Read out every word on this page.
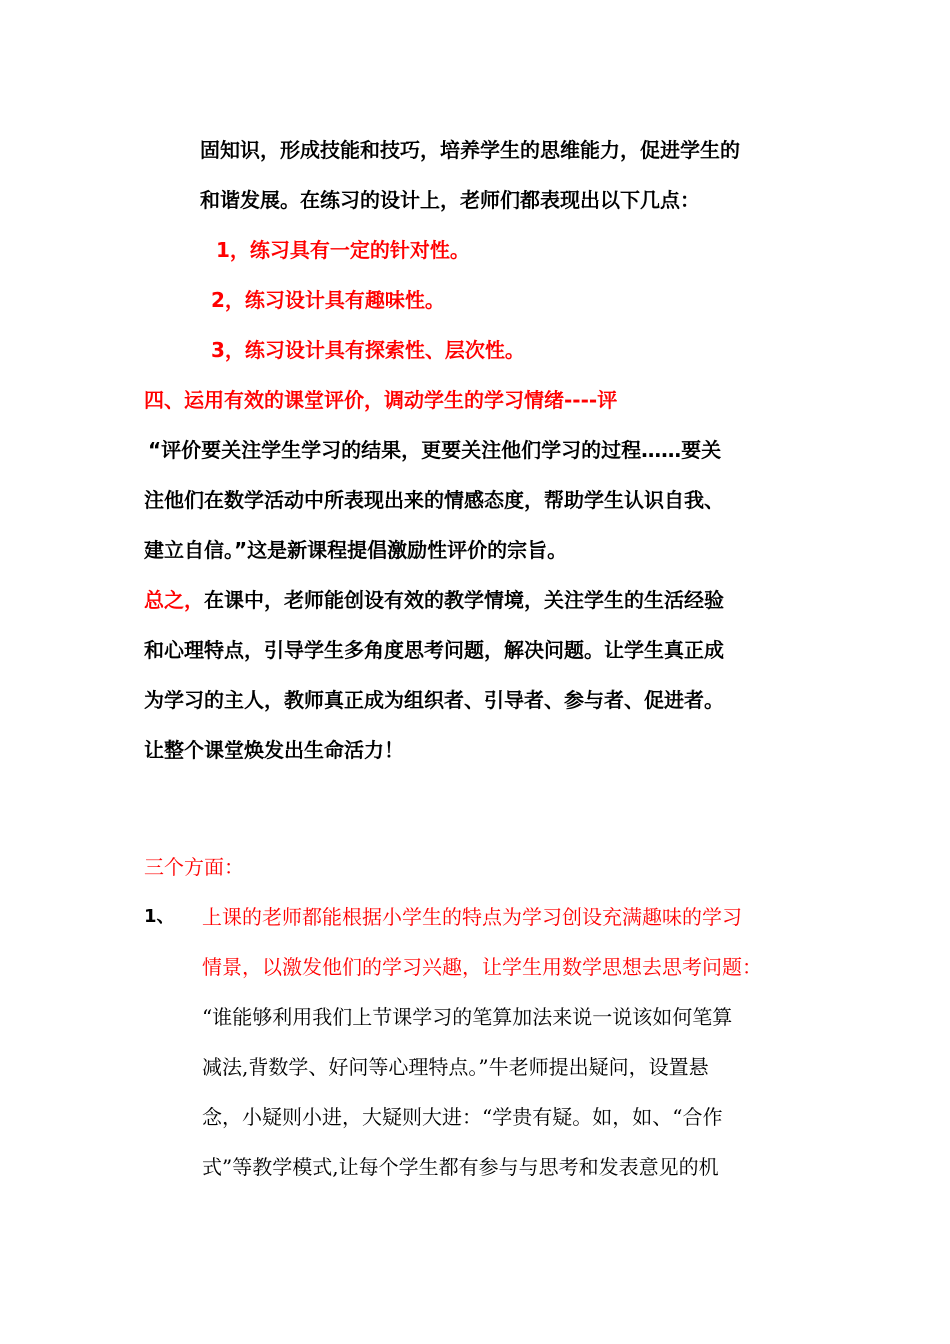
固知识，形成技能和技巧，培养学生的思维能力，促进学生的
和谐发展。在练习的设计上，老师们都表现出以下几点：
1，练习具有一定的针对性。
2，练习设计具有趣味性。
3，练习设计具有探索性、层次性。
四、运用有效的课堂评价，调动学生的学习情绪----评
“评价要关注学生学习的结果，更要关注他们学习的过程……要关
注他们在数学活动中所表现出来的情感态度，帮助学生认识自我、
建立自信。”这是新课程提倡激励性评价的宗旨。
总之，在课中，老师能创设有效的教学情境，关注学生的生活经验
和心理特点，引导学生多角度思考问题，解决问题。让学生真正成
为学习的主人，教师真正成为组织者、引导者、参与者、促进者。
让整个课堂焕发出生命活力！
三个方面：
1、 上课的老师都能根据小学生的特点为学习创设充满趣味的学习
情景，以激发他们的学习兴趣，让学生用数学思想去思考问题：
“谁能够利用我们上节课学习的笔算加法来说一说该如何笔算
减法,背数学、好问等心理特点。”牛老师提出疑问，设置悬
念，小疑则小进，大疑则大进：“学贵有疑。如，如、“合作
式”等教学模式,让每个学生都有参与与思考和发表意见的机
